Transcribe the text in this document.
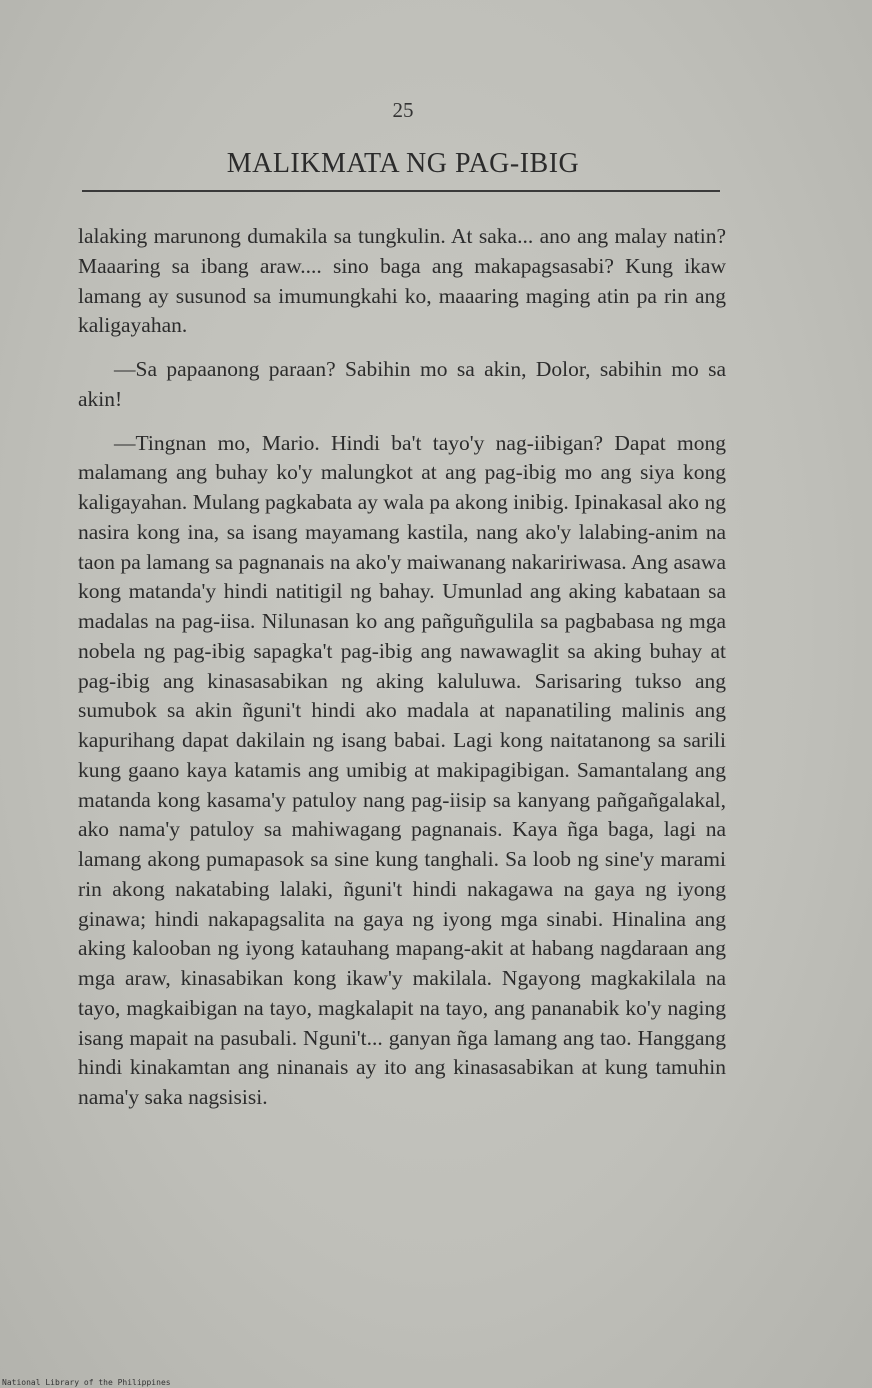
25
MALIKMATA NG PAG-IBIG

lalaking marunong dumakila sa tungkulin. At saka... ano ang malay natin? Maaaring sa ibang araw.... sino baga ang makapagsasabi? Kung ikaw lamang ay susunod sa imumungkahi ko, maaaring maging atin pa rin ang kaligayahan.

—Sa papaanong paraan? Sabihin mo sa akin, Dolor, sabihin mo sa akin!

—Tingnan mo, Mario. Hindi ba't tayo'y nag-iibigan? Dapat mong malamang ang buhay ko'y malungkot at ang pag-ibig mo ang siya kong kaligayahan. Mulang pagkabata ay wala pa akong inibig. Ipinakasal ako ng nasira kong ina, sa isang mayamang kastila, nang ako'y lalabing-anim na taon pa lamang sa pagnanais na ako'y maiwanang nakaririwasa. Ang asawa kong matanda'y hindi natitigil ng bahay. Umunlad ang aking kabataan sa madalas na pag-iisa. Nilunasan ko ang pañguñgulila sa pagbabasa ng mga nobela ng pag-ibig sapagka't pag-ibig ang nawawaglit sa aking buhay at pag-ibig ang kinasasabikan ng aking kaluluwa. Sarisaring tukso ang sumubok sa akin ñguni't hindi ako madala at napanatiling malinis ang kapurihang dapat dakilain ng isang babai. Lagi kong naitatanong sa sarili kung gaano kaya katamis ang umibig at makipagibigan. Samantalang ang matanda kong kasama'y patuloy nang pag-iisip sa kanyang pañgañgalakal, ako nama'y patuloy sa mahiwagang pagnanais. Kaya ñga baga, lagi na lamang akong pumapasok sa sine kung tanghali. Sa loob ng sine'y marami rin akong nakatabing lalaki, ñguni't hindi nakagawa na gaya ng iyong ginawa; hindi nakapagsalita na gaya ng iyong mga sinabi. Hinalina ang aking kalooban ng iyong katauhang mapang-akit at habang nagdaraan ang mga araw, kinasabikan kong ikaw'y makilala. Ngayong magkakilala na tayo, magkaibigan na tayo, magkalapit na tayo, ang pananabik ko'y naging isang mapait na pasubali. Nguni't... ganyan ñga lamang ang tao. Hanggang hindi kinakamtan ang ninanais ay ito ang kinasasabikan at kung tamuhin nama'y saka nagsisisi.

National Library of the Philippines
